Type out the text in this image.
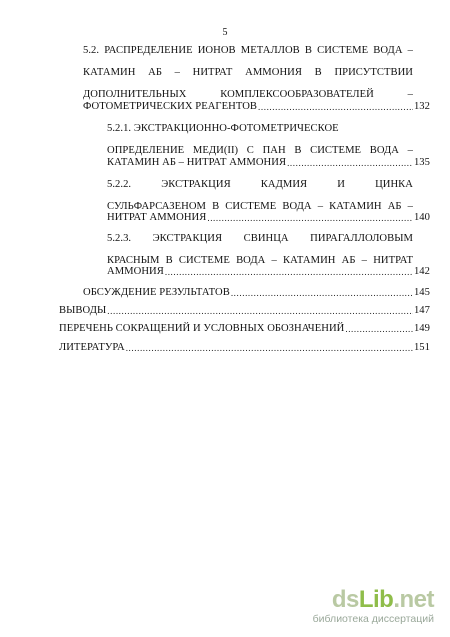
5
5.2. РАСПРЕДЕЛЕНИЕ ИОНОВ МЕТАЛЛОВ В СИСТЕМЕ ВОДА –
КАТАМИН АБ – НИТРАТ АММОНИЯ В ПРИСУТСТВИИ
ДОПОЛНИТЕЛЬНЫХ КОМПЛЕКСООБРАЗОВАТЕЛЕЙ –
ФОТОМЕТРИЧЕСКИХ РЕАГЕНТОВ .....	132
5.2.1. ЭКСТРАКЦИОННО-ФОТОМЕТРИЧЕСКОЕ
ОПРЕДЕЛЕНИЕ МЕДИ(II) С ПАН В СИСТЕМЕ ВОДА –
КАТАМИН АБ – НИТРАТ АММОНИЯ .....	135
5.2.2. ЭКСТРАКЦИЯ КАДМИЯ И ЦИНКА
СУЛЬФАРСАЗЕНОМ В СИСТЕМЕ ВОДА – КАТАМИН АБ –
НИТРАТ АММОНИЯ .....	140
5.2.3. ЭКСТРАКЦИЯ СВИНЦА ПИРАГАЛЛОЛОВЫМ
КРАСНЫМ В СИСТЕМЕ ВОДА – КАТАМИН АБ – НИТРАТ
АММОНИЯ .....	142
ОБСУЖДЕНИЕ РЕЗУЛЬТАТОВ .....	145
ВЫВОДЫ .....	147
ПЕРЕЧЕНЬ СОКРАЩЕНИЙ И УСЛОВНЫХ ОБОЗНАЧЕНИЙ .....	149
ЛИТЕРАТУРА .....	151
dsLib.net
библиотека диссертаций
